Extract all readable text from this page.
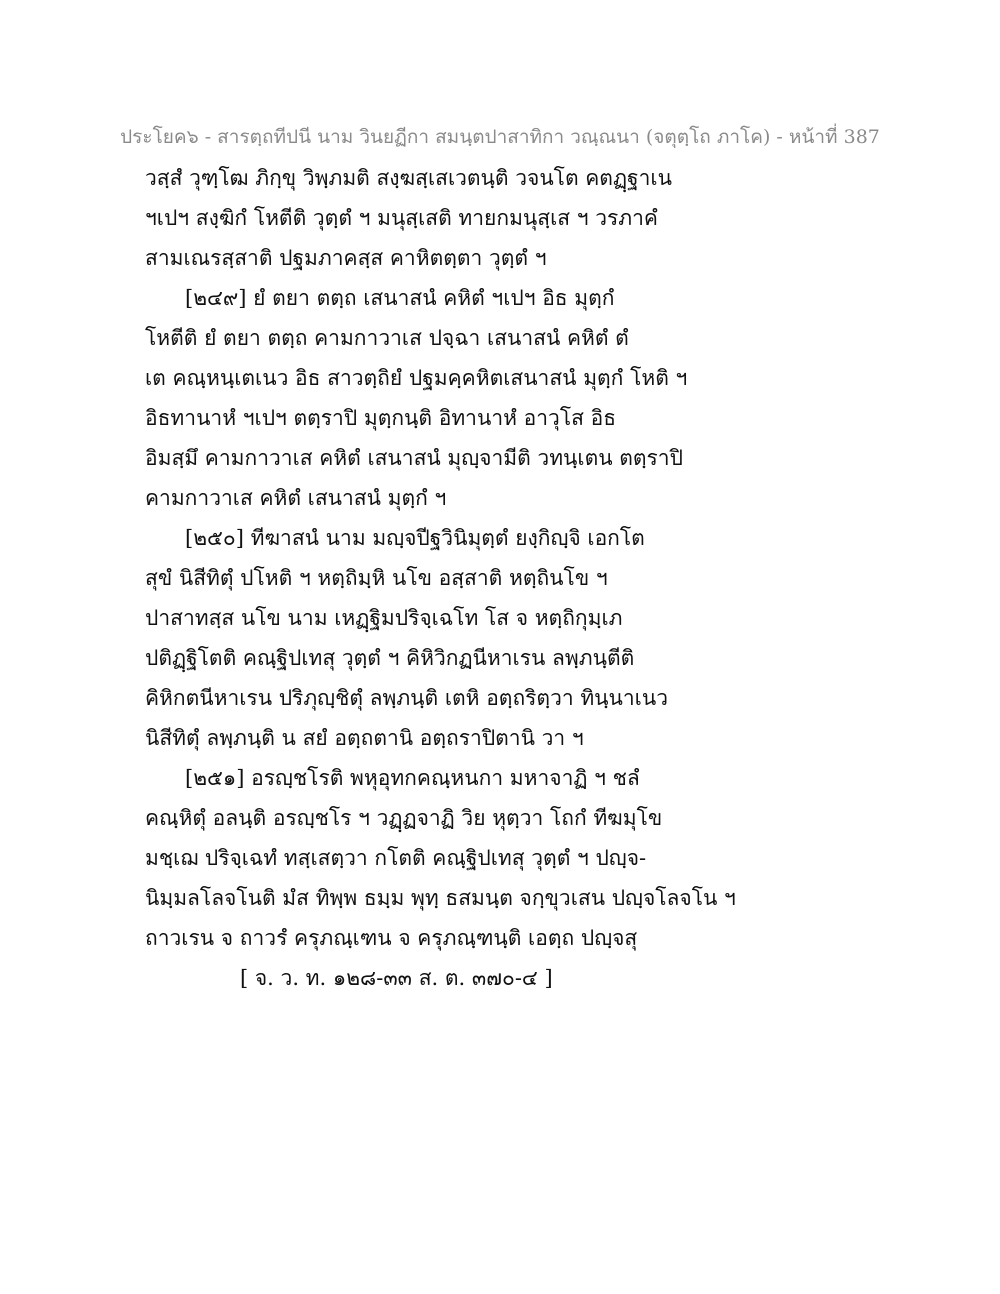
ประโยค๖ - สารตฺถทีปนี นาม วินยฏีกา สมนฺตปาสาทิกา วณฺณนา (จตุตฺโถ ภาโค) - หน้าที่ 387
วสฺสํ วุฑฺโฒ ภิกฺขุ วิพฺภมติ สงฺฆสฺเสเวตนฺติ วจนโต คตฏฺฐาเน
ฯเปฯ สงฺฆิกํ โหตีติ วุตฺตํ ฯ มนุสฺเสติ ทายกมนุสฺเส ฯ วรภาคํ
สามเณรสฺสาติ ปฐมภาคสฺส คาหิตตฺตา วุตฺตํ ฯ
[๒๔๙] ยํ ตยา ตตฺถ เสนาสนํ คหิตํ ฯเปฯ อิธ มุตฺกํ
โหตีติ ยํ ตยา ตตฺถ คามกาวาเส ปจฺฉา เสนาสนํ คหิตํ ตํ
เต คณฺหนฺเตเนว อิธ สาวตฺถิยํ ปฐมคฺคหิตเสนาสนํ มุตฺกํ โหติ ฯ
อิธทานาหํ ฯเปฯ ตตฺราปิ มุตฺกนฺติ อิทานาหํ อาวุโส อิธ
อิมสฺมึ คามกาวาเส คหิตํ เสนาสนํ มุญฺจามีติ วทนฺเตน ตตฺราปิ
คามกาวาเส คหิตํ เสนาสนํ มุตฺกํ ฯ
[๒๕๐] ทีฆาสนํ นาม มญฺจปีฐวินิมุตฺตํ ยงฺกิญฺจิ เอกโต
สุขํ นิสีทิตุํ ปโหติ ฯ หตฺถิมฺหิ นโข อสฺสาติ หตฺถินโข ฯ
ปาสาทสฺส นโข นาม เหฏฺฐิมปริจฺเฉโท โส จ หตฺถิกุมฺเภ
ปติฏฺฐิโตติ คณฺฐิปเทสุ วุตฺตํ ฯ คิหิวิกฏนีหาเรน ลพฺภนฺตีติ
คิหิกตนีหาเรน ปริภุญฺชิตุํ ลพฺภนฺติ เตหิ อตฺถริตฺวา ทินฺนาเนว
นิสีทิตุํ ลพฺภนฺติ น สยํ อตฺถตานิ อตฺถราปิตานิ วา ฯ
[๒๕๑] อรญฺชโรติ พหุอุทกคณฺหนกา มหาจาฏิ ฯ ชลํ
คณฺหิตุํ อลนฺติ อรญฺชโร ฯ วฏฺฏจาฏิ วิย หุตฺวา โถกํ ทีฆมุโข
มชฺเฌ ปริจฺเฉทํ ทสฺเสตฺวา กโตติ คณฺฐิปเทสุ วุตฺตํ ฯ ปญฺจ-
นิมฺมลโลจโนติ มํส ทิพฺพ ธมฺม พุทฺ ธสมนฺต จกฺขุวเสน ปญฺจโลจโน ฯ
ถาวเรน จ ถาวรํ ครุภณฺเฑน จ ครุภณฺฑนฺติ เอตฺถ ปญฺจสุ
[ จ. ว. ท. ๑๒๘-๓๓ ส. ต. ๓๗๐-๔ ]
